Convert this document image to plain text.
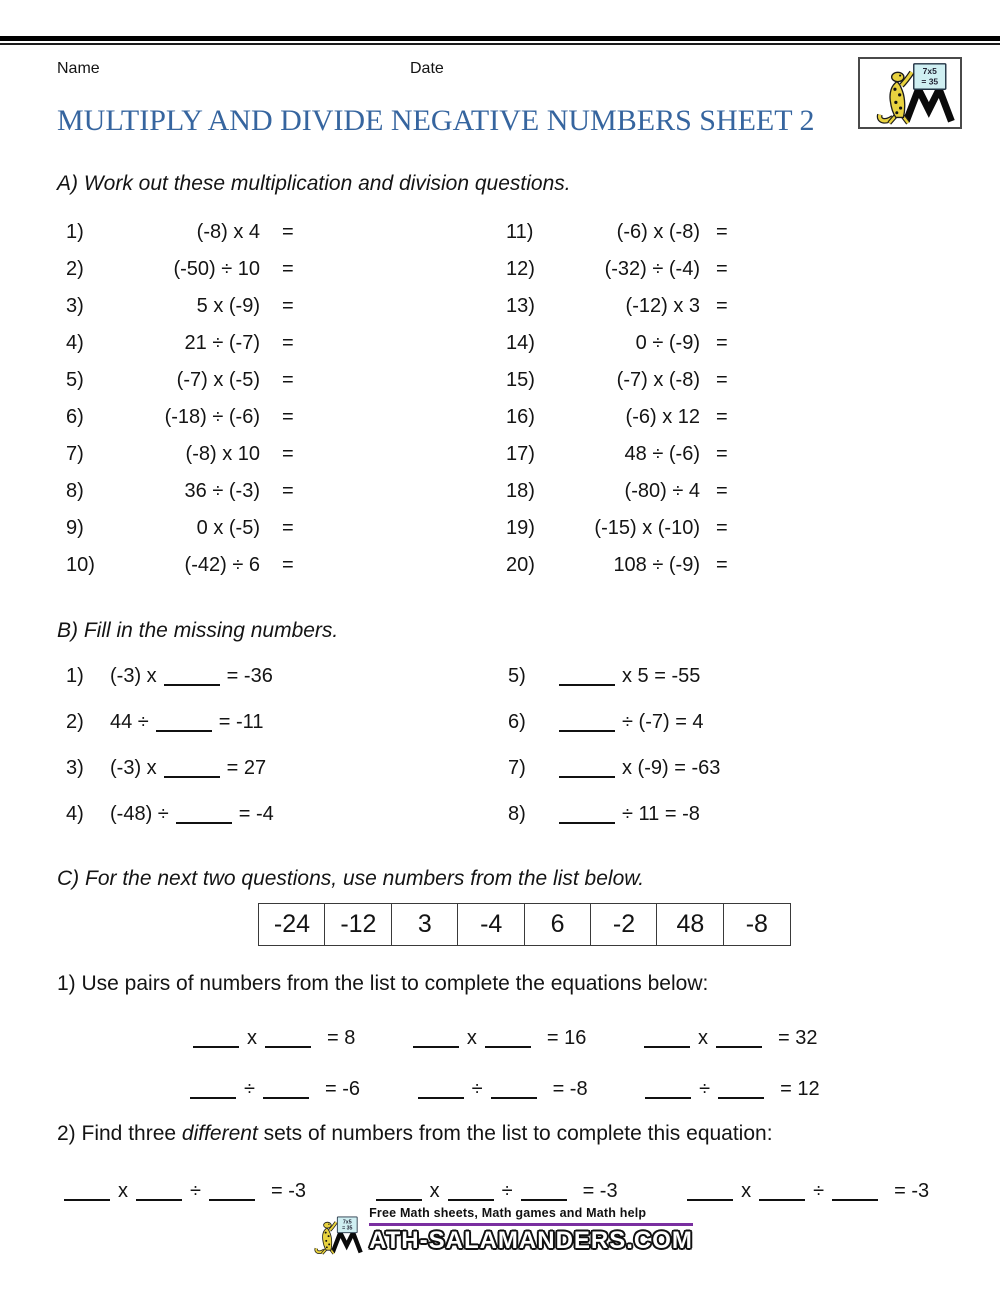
Name	Date	7x5
= 35
MULTIPLY AND DIVIDE NEGATIVE NUMBERS SHEET 2
A) Work out these multiplication and division questions.
1)	(-8) x 4	=
2)	(-50) ÷ 10	=
3)	5 x (-9)	=
4)	21 ÷ (-7)	=
5)	(-7) x (-5)	=
6)	(-18) ÷ (-6)	=
7)	(-8) x 10	=
8)	36 ÷ (-3)	=
9)	0 x (-5)	=
10)	(-42) ÷ 6	=
11)	(-6) x (-8) =
12)	(-32) ÷ (-4) =
13)	(-12) x 3 =
14)	0 ÷ (-9) =
15)	(-7) x (-8) =
16)	(-6) x 12 =
17)	48 ÷ (-6) =
18)	(-80) ÷ 4 =
19)	(-15) x (-10) =
20)	108 ÷ (-9) =
B) Fill in the missing numbers.
1) (-3) x	= -36
2) 44 ÷	= -11
3) (-3) x	= 27
4) (-48) ÷	= -4
5)	x 5 = -55
6)	÷ (-7) = 4
7)	x (-9) = -63
8)	÷ 11 = -8
C) For the next two questions, use numbers from the list below.
-24	-12	3	-4	6	-2	48	-8
1) Use pairs of numbers from the list to complete the equations below:
x	= 8	x	= 16	x	= 32
÷	= -6	÷	= -8	÷	= 12
2) Find three different sets of numbers from the list to complete this equation:
x	÷	= -3	x	÷	= -3	x	÷	= -3
7x5
= 35
Free Math sheets, Math games and Math help
ATH-SALAMANDERS.COM
